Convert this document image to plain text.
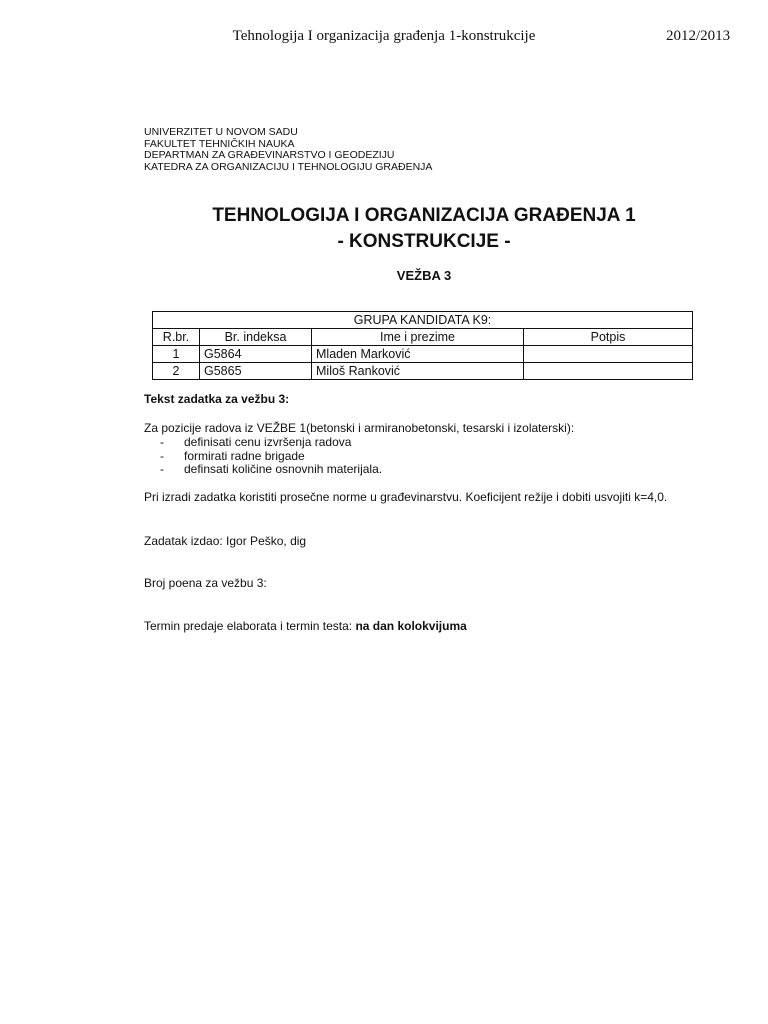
Tehnologija I organizacija građenja 1-konstrukcije	2012/2013
UNIVERZITET U NOVOM SADU
FAKULTET TEHNIČKIH NAUKA
DEPARTMAN ZA GRAĐEVINARSTVO I GEODEZIJU
KATEDRA ZA ORGANIZACIJU I TEHNOLOGIJU GRAĐENJA
TEHNOLOGIJA I ORGANIZACIJA GRAĐENJA 1
- KONSTRUKCIJE -
VEŽBA 3
GRUPA KANDIDATA K9:			
R.br.	Br. indeksa	Ime i prezime	Potpis
1	G5864	Mladen Marković	
2	G5865	Miloš Ranković	
Tekst zadatka za vežbu 3:
Za pozicije radova iz VEŽBE 1(betonski i armiranobetonski, tesarski i izolaterski):
- definisati cenu izvršenja radova
- formirati radne brigade
- definsati količine osnovnih materijala.
Pri izradi zadatka koristiti prosečne norme u građevinarstvu. Koeficijent režije i dobiti usvojiti k=4,0.
Zadatak izdao: Igor Peško, dig
Broj poena za vežbu 3:
Termin predaje elaborata i termin testa: na dan kolokvijuma
